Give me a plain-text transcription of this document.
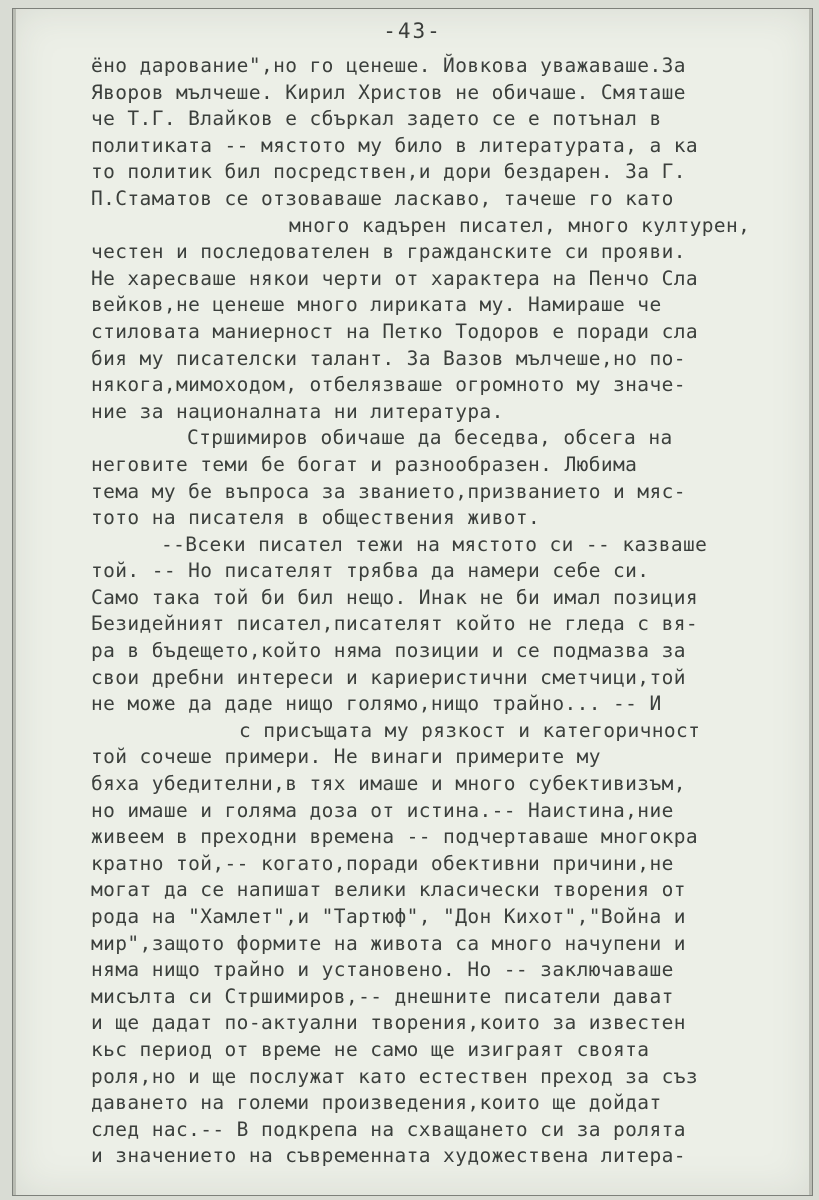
-43-
ёно дарование",но го ценеше. Йовкова уважаваше.За
Яворов мълчеше. Кирил Христов не обичаше. Смяташе
че Т.Г. Влайков е сбъркал задето се е потънал в
политиката -- мястото му било в литературата, а ка
то политик бил посредствен,и дори бездарен. За Г.
П.Стаматов се отзоваваше ласкаво, тачеше го като
много кадърен писател, много културен,
честен и последователен в гражданските си прояви.
Не харесваше някои черти от характера на Пенчо Сла
вейков,не ценеше много лириката му. Намираше че
стиловата маниерност на Петко Тодоров е поради сла
бия му писателски талант. За Вазов мълчеше,но по-
някога,мимоходом, отбелязваше огромното му значе-
ние за националната ни литература.
Стршимиров обичаше да беседва, обсега на
неговите теми бе богат и разнообразен. Любима
тема му бе въпроса за званието,призванието и мяс-
тото на писателя в обществения живот.
--Всеки писател тежи на мястото си -- казваше
той. -- Но писателят трябва да намери себе си.
Само така той би бил нещо. Инак не би имал позиция
Безидейният писател,писателят който не гледа с вя-
ра в бъдещето,който няма позиции и се подмазва за
свои дребни интереси и кариеристични сметчици,той
не може да даде нищо голямо,нищо трайно... -- И
с присъщата му рязкост и категоричност
той сочеше примери. Не винаги примерите му
бяха убедителни,в тях имаше и много субективизъм,
но имаше и голяма доза от истина.-- Наистина,ние
живеем в преходни времена -- подчертаваше многокра
кратно той,-- когато,поради обективни причини,не
могат да се напишат велики класически творения от
рода на "Хамлет",и "Тартюф", "Дон Кихот","Война и
мир",защото формите на живота са много начупени и
няма нищо трайно и установено. Но -- заключаваше
мисълта си Стршимиров,-- днешните писатели дават
и ще дадат по-актуални творения,които за известен
кьс период от време не само ще изиграят своята
роля,но и ще послужат като естествен преход за съз
даването на големи произведения,които ще дойдат
след нас.-- В подкрепа на схващането си за ролята
и значението на съвременната художествена литера-
